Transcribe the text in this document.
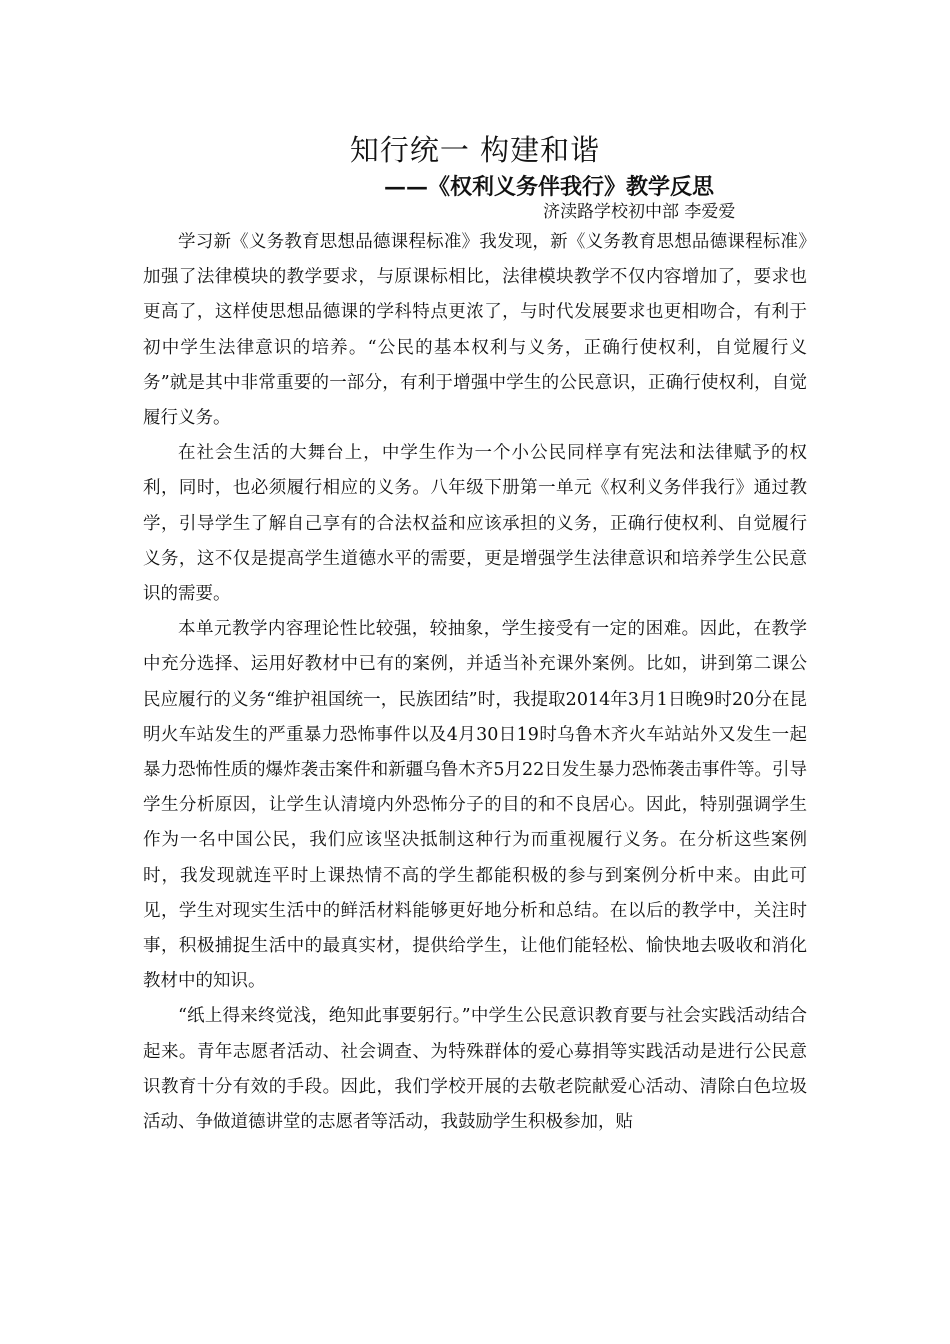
知行统一 构建和谐
——《权利义务伴我行》教学反思
济渎路学校初中部 李爱爱

学习新《义务教育思想品德课程标准》我发现，新《义务教育思想品德课程标准》加强了法律模块的教学要求，与原课标相比，法律模块教学不仅内容增加了，要求也更高了，这样使思想品德课的学科特点更浓了，与时代发展要求也更相吻合，有利于初中学生法律意识的培养。“公民的基本权利与义务，正确行使权利，自觉履行义务”就是其中非常重要的一部分，有利于增强中学生的公民意识，正确行使权利，自觉履行义务。

在社会生活的大舞台上，中学生作为一个小公民同样享有宪法和法律赋予的权利，同时，也必须履行相应的义务。八年级下册第一单元《权利义务伴我行》通过教学，引导学生了解自己享有的合法权益和应该承担的义务，正确行使权利、自觉履行义务，这不仅是提高学生道德水平的需要，更是增强学生法律意识和培养学生公民意识的需要。

本单元教学内容理论性比较强，较抽象，学生接受有一定的困难。因此，在教学中充分选择、运用好教材中已有的案例，并适当补充课外案例。比如，讲到第二课公民应履行的义务“维护祖国统一，民族团结”时，我提取2014年3月1日晚9时20分在昆明火车站发生的严重暴力恐怖事件以及4月30日19时乌鲁木齐火车站站外又发生一起暴力恐怖性质的爆炸袭击案件和新疆乌鲁木齐5月22日发生暴力恐怖袭击事件等。引导学生分析原因，让学生认清境内外恐怖分子的目的和不良居心。因此，特别强调学生作为一名中国公民，我们应该坚决抵制这种行为而重视履行义务。在分析这些案例时，我发现就连平时上课热情不高的学生都能积极的参与到案例分析中来。由此可见，学生对现实生活中的鲜活材料能够更好地分析和总结。在以后的教学中，关注时事，积极捕捉生活中的最真实材，提供给学生，让他们能轻松、愉快地去吸收和消化教材中的知识。

“纸上得来终觉浅，绝知此事要躬行。”中学生公民意识教育要与社会实践活动结合起来。青年志愿者活动、社会调查、为特殊群体的爱心募捐等实践活动是进行公民意识教育十分有效的手段。因此，我们学校开展的去敬老院献爱心活动、清除白色垃圾活动、争做道德讲堂的志愿者等活动，我鼓励学生积极参加，贴
